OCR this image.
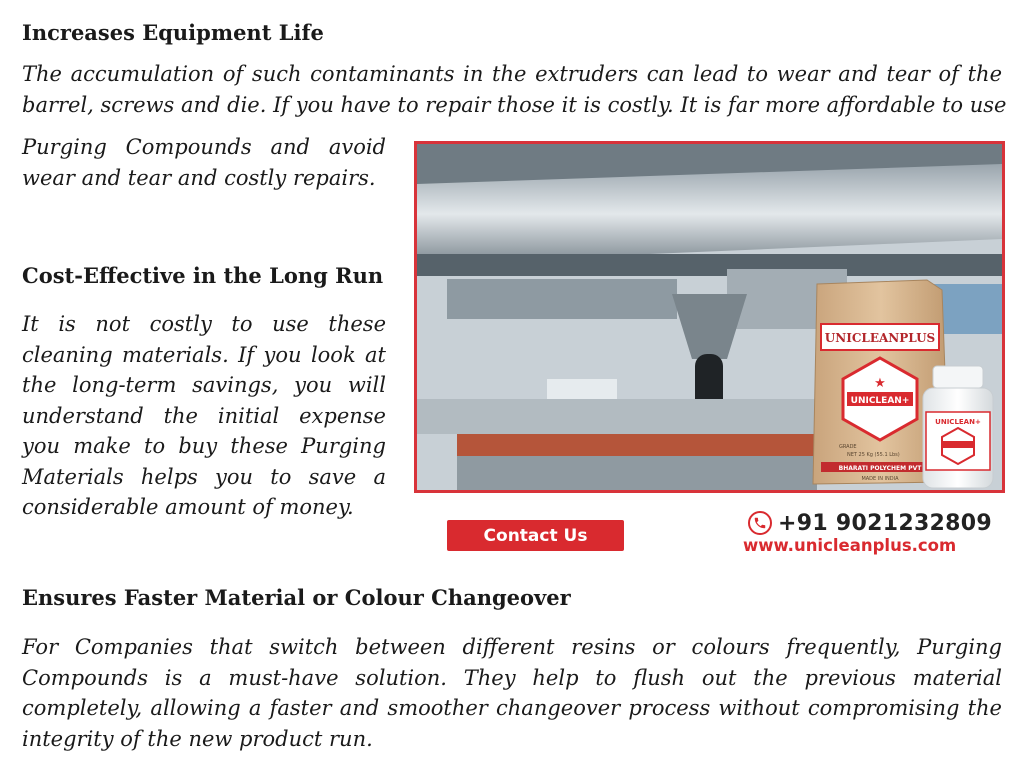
Increases Equipment Life

The accumulation of such contaminants in the extruders can lead to wear and tear of the

barrel, screws and die. If you have to repair those it is costly. It is far more affordable to use

Purging Compounds and avoid wear and tear and costly repairs.

Cost-Effective in the Long Run

It is not costly to use these cleaning materials. If you look at the long-term savings, you will understand the initial expense you make to buy these Purging Materials helps you to save a considerable amount of money.

UNICLEANPLUS
★
UNICLEAN+
GRADE
NET 25 Kg (55.1 Lbs)
BHARATI POLYCHEM PVT
MADE IN INDIA
UNICLEAN+
Contact Us
+91 9021232809
www.unicleanplus.com
Ensures Faster Material or Colour Changeover

For Companies that switch between different resins or colours frequently, Purging Compounds is a must-have solution. They help to flush out the previous material completely, allowing a faster and smoother changeover process without compromising the integrity of the new product run.
